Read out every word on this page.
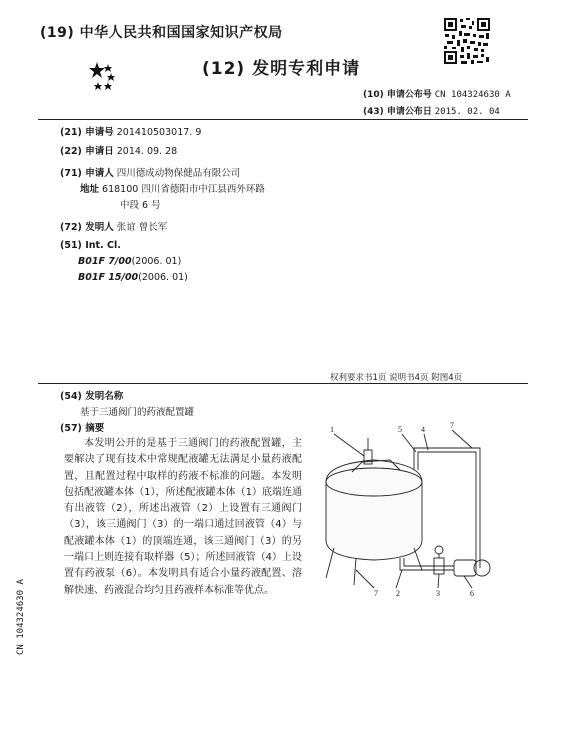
(19) 中华人民共和国国家知识产权局
(12) 发明专利申请
(10) 申请公布号 CN 104324630 A
(43) 申请公布日 2015. 02. 04
(21) 申请号 201410503017. 9
(22) 申请日 2014. 09. 28
(71) 申请人 四川德成动物保健品有限公司
地址 618100 四川省德阳市中江县西外环路
中段 6 号
(72) 发明人 张谊 曾长军
(51) Int. Cl.
B01F 7/00(2006. 01)
B01F 15/00(2006. 01)
权利要求书1页 说明书4页 附图4页
(54) 发明名称
基于三通阀门的药液配置罐
(57) 摘要
本发明公开的是基于三通阀门的药液配置罐，主要解决了现有技术中常规配液罐无法满足小量药液配置，且配置过程中取样的药液不标准的问题。本发明包括配液罐本体（1），所述配液罐本体（1）底端连通有出液管（2），所述出液管（2）上设置有三通阀门（3），该三通阀门（3）的一端口通过回液管（4）与配液罐本体（1）的顶端连通，该三通阀门（3）的另一端口上则连接有取样器（5）；所述回液管（4）上设置有药液泵（6）。本发明具有适合小量药液配置、溶解快速、药液混合均匀且药液样本标准等优点。
1	5 4	7
7 2	3	6
CN 104324630 A
